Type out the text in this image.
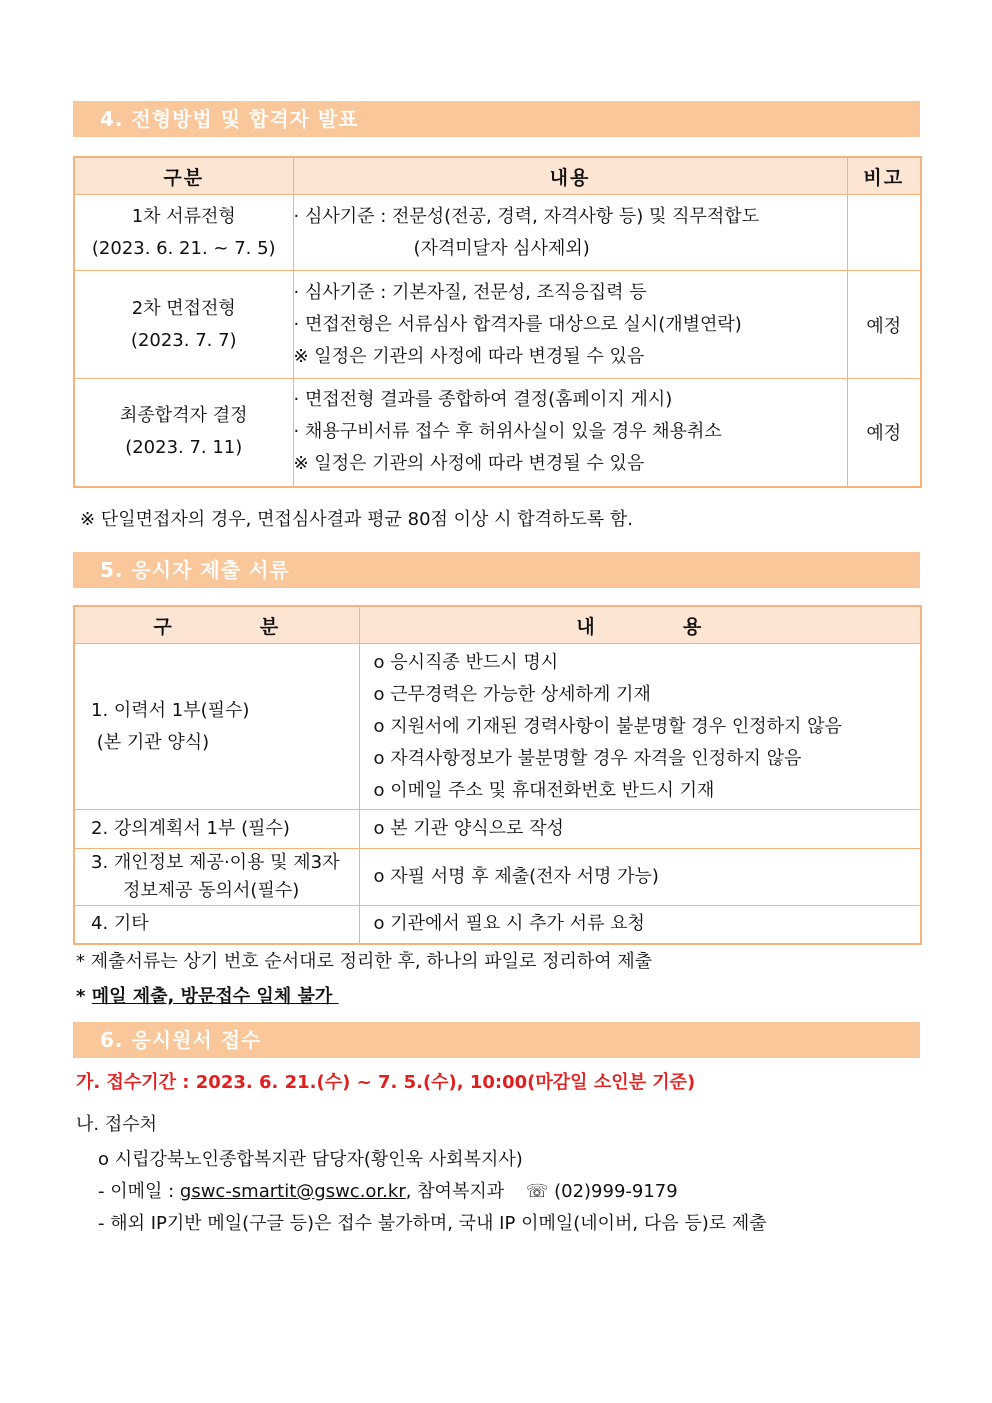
4. 전형방법 및 합격자 발표
구분	내용	비고

1차 서류전형
(2023. 6. 21. ~ 7. 5)	· 심사기준 : 전문성(전공, 경력, 자격사항 등) 및 직무적합도
(자격미달자 심사제외)	

2차 면접전형
(2023. 7. 7)	· 심사기준 : 기본자질, 전문성, 조직응집력 등
· 면접전형은 서류심사 합격자를 대상으로 실시(개별연락)
※ 일정은 기관의 사정에 따라 변경될 수 있음	예정

최종합격자 결정
(2023. 7. 11)	· 면접전형 결과를 종합하여 결정(홈페이지 게시)
· 채용구비서류 접수 후 허위사실이 있을 경우 채용취소
※ 일정은 기관의 사정에 따라 변경될 수 있음	예정
※ 단일면접자의 경우, 면접심사결과 평균 80점 이상 시 합격하도록 함.
5. 응시자 제출 서류
구          분	내          용

1. 이력서 1부(필수)
(본 기관 양식)	ο 응시직종 반드시 명시
ο 근무경력은 가능한 상세하게 기재
ο 지원서에 기재된 경력사항이 불분명할 경우 인정하지 않음
ο 자격사항정보가 불분명할 경우 자격을 인정하지 않음
ο 이메일 주소 및 휴대전화번호 반드시 기재

2. 강의계획서 1부 (필수)	ο 본 기관 양식으로 작성

3. 개인정보 제공·이용 및 제3자
정보제공 동의서(필수)	ο 자필 서명 후 제출(전자 서명 가능)

4. 기타	ο 기관에서 필요 시 추가 서류 요청
* 제출서류는 상기 번호 순서대로 정리한 후, 하나의 파일로 정리하여 제출
* 메일 제출, 방문접수 일체 불가
6. 응시원서 접수
가. 접수기간 : 2023. 6. 21.(수) ~ 7. 5.(수), 10:00(마감일 소인분 기준)
나. 접수처
ο 시립강북노인종합복지관 담당자(황인욱 사회복지사)
- 이메일 : gswc-smartit@gswc.or.kr, 참여복지과 ☏ (02)999-9179
- 해외 IP기반 메일(구글 등)은 접수 불가하며, 국내 IP 이메일(네이버, 다음 등)로 제출
